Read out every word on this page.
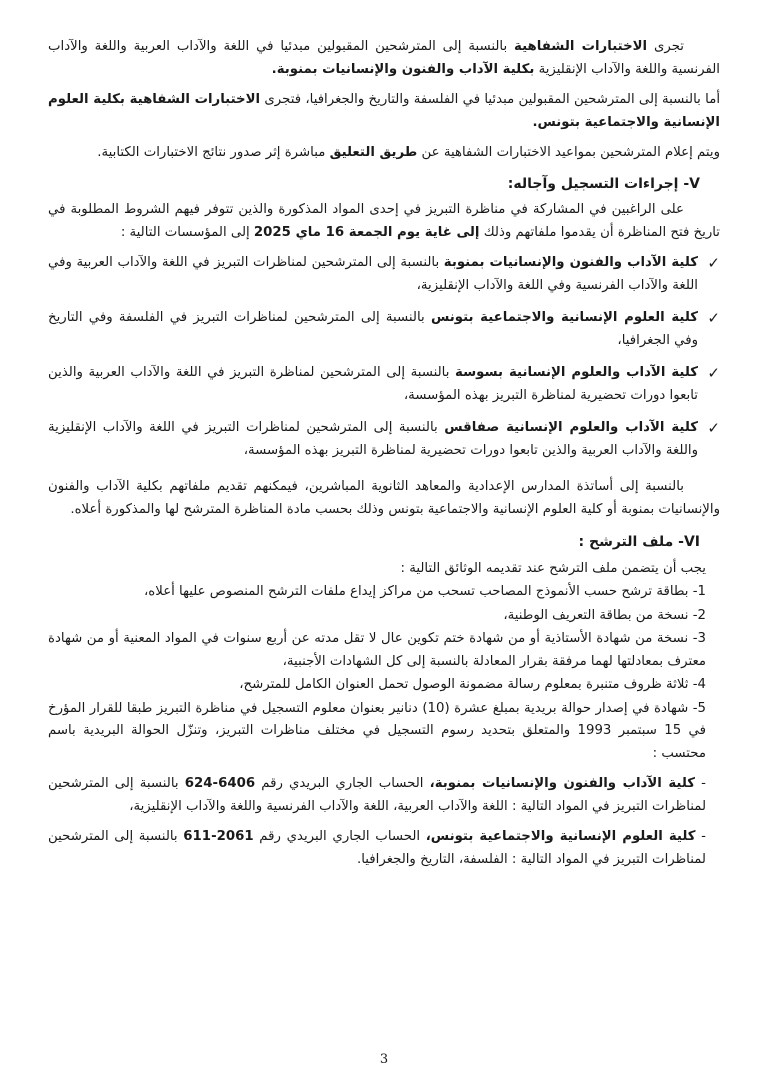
تجرى الاختبارات الشفاهية بالنسبة إلى المترشحين المقبولين مبدئيا في اللغة والآداب العربية واللغة والآداب الفرنسية واللغة والآداب الإنقليزية بكلية الآداب والفنون والإنسانيات بمنوبة.

أما بالنسبة إلى المترشحين المقبولين مبدئيا في الفلسفة والتاريخ والجغرافيا، فتجرى الاختبارات الشفاهية بكلية العلوم الإنسانية والاجتماعية بتونس.

ويتم إعلام المترشحين بمواعيد الاختبارات الشفاهية عن طريق التعليق مباشرة إثر صدور نتائج الاختبارات الكتابية.

V- إجراءات التسجيل وآجاله:

على الراغبين في المشاركة في مناظرة التبريز في إحدى المواد المذكورة والذين تتوفر فيهم الشروط المطلوبة في تاريخ فتح المناظرة أن يقدموا ملفاتهم وذلك إلى غاية يوم الجمعة 16 ماي 2025 إلى المؤسسات التالية :

✓
كلية الآداب والفنون والإنسانيات بمنوبة بالنسبة إلى المترشحين لمناظرات التبريز في اللغة والآداب العربية وفي اللغة والآداب الفرنسية وفي اللغة والآداب الإنقليزية،
✓
كلية العلوم الإنسانية والاجتماعية بتونس بالنسبة إلى المترشحين لمناظرات التبريز في الفلسفة وفي التاريخ وفي الجغرافيا،
✓
كلية الآداب والعلوم الإنسانية بسوسة بالنسبة إلى المترشحين لمناظرة التبريز في اللغة والآداب العربية والذين تابعوا دورات تحضيرية لمناظرة التبريز بهذه المؤسسة،
✓
كلية الآداب والعلوم الإنسانية صفاقس بالنسبة إلى المترشحين لمناظرات التبريز في اللغة والآداب الإنقليزية واللغة والآداب العربية والذين تابعوا دورات تحضيرية لمناظرة التبريز بهذه المؤسسة،

بالنسبة إلى أساتذة المدارس الإعدادية والمعاهد الثانوية المباشرين، فيمكنهم تقديم ملفاتهم بكلية الآداب والفنون والإنسانيات بمنوبة أو كلية العلوم الإنسانية والاجتماعية بتونس وذلك بحسب مادة المناظرة المترشح لها والمذكورة أعلاه.

VI- ملف الترشح :

يجب أن يتضمن ملف الترشح عند تقديمه الوثائق التالية :

1- بطاقة ترشح حسب الأنموذج المصاحب تسحب من مراكز إيداع ملفات الترشح المنصوص عليها أعلاه،

2- نسخة من بطاقة التعريف الوطنية،

3- نسخة من شهادة الأستاذية أو من شهادة ختم تكوين عال لا تقل مدته عن أربع سنوات في المواد المعنية أو من شهادة معترف بمعادلتها لهما مرفقة بقرار المعادلة بالنسبة إلى كل الشهادات الأجنبية،

4- ثلاثة ظروف متنبرة بمعلوم رسالة مضمونة الوصول تحمل العنوان الكامل للمترشح،

5- شهادة في إصدار حوالة بريدية بمبلغ عشرة (10) دنانير بعنوان معلوم التسجيل في مناظرة التبريز طبقا للقرار المؤرخ في 15 سبتمبر 1993 والمتعلق بتحديد رسوم التسجيل في مختلف مناظرات التبريز، وتنزّل الحوالة البريدية باسم محتسب :

- كلية الآداب والفنون والإنسانيات بمنوبة، الحساب الجاري البريدي رقم 6406-624 بالنسبة إلى المترشحين لمناظرات التبريز في المواد التالية : اللغة والآداب العربية، اللغة والآداب الفرنسية واللغة والآداب الإنقليزية،

- كلية العلوم الإنسانية والاجتماعية بتونس، الحساب الجاري البريدي رقم 2061-611 بالنسبة إلى المترشحين لمناظرات التبريز في المواد التالية : الفلسفة، التاريخ والجغرافيا.

3
